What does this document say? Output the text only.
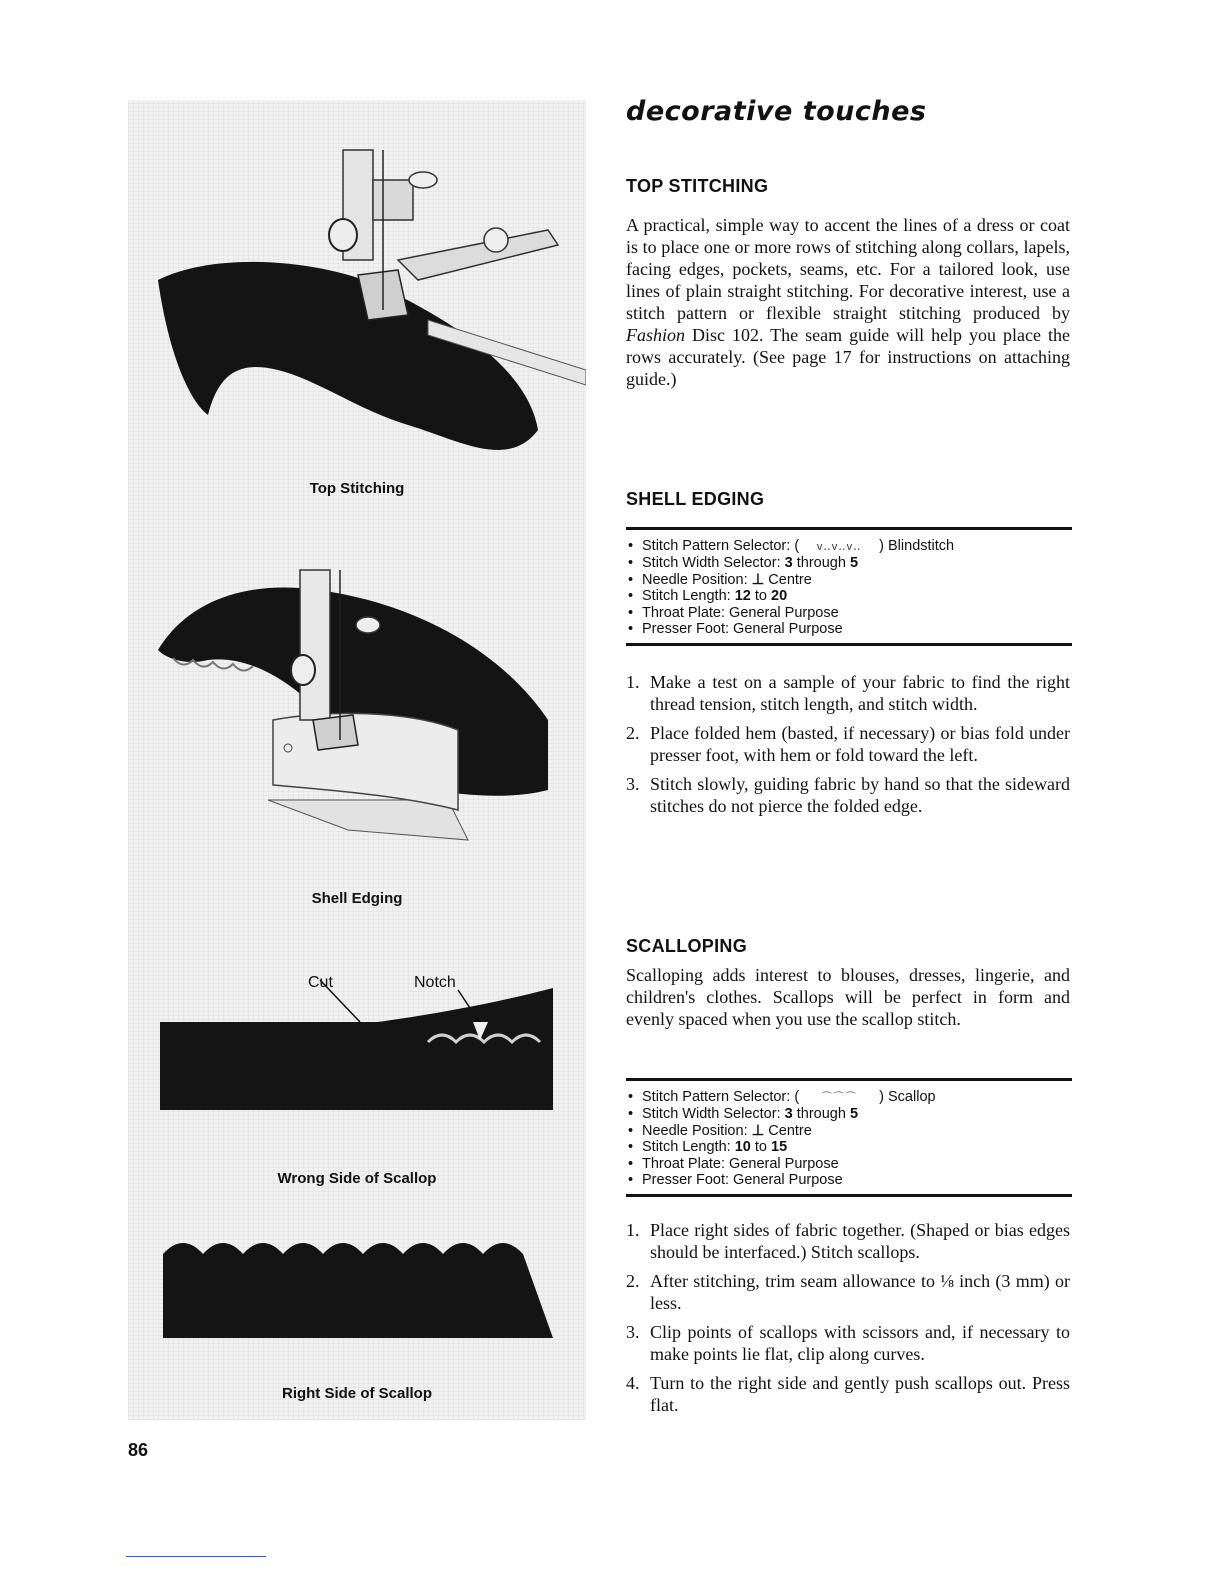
Top Stitching
Shell Edging
Cut	Notch
Wrong Side of Scallop
Right Side of Scallop
86
decorative touches
TOP STITCHING

A practical, simple way to accent the lines of a dress or coat is to place one or more rows of stitching along collars, lapels, facing edges, pockets, seams, etc. For a tailored look, use lines of plain straight stitching. For decorative interest, use a stitch pattern or flexible straight stitching produced by Fashion Disc 102. The seam guide will help you place the rows accurately. (See page 17 for instructions on attaching guide.)

SHELL EDGING
• Stitch Pattern Selector: ( v‥v‥v‥ ) Blindstitch
• Stitch Width Selector: 3 through 5
• Needle Position: ⊥ Centre
• Stitch Length: 12 to 20
• Throat Plate: General Purpose
• Presser Foot: General Purpose
1. Make a test on a sample of your fabric to find the right thread tension, stitch length, and stitch width.
2. Place folded hem (basted, if necessary) or bias fold under presser foot, with hem or fold toward the left.
3. Stitch slowly, guiding fabric by hand so that the sideward stitches do not pierce the folded edge.
SCALLOPING

Scalloping adds interest to blouses, dresses, lingerie, and children's clothes. Scallops will be perfect in form and evenly spaced when you use the scallop stitch.

• Stitch Pattern Selector: ( ⌒⌒⌒ ) Scallop
• Stitch Width Selector: 3 through 5
• Needle Position: ⊥ Centre
• Stitch Length: 10 to 15
• Throat Plate: General Purpose
• Presser Foot: General Purpose
1. Place right sides of fabric together. (Shaped or bias edges should be interfaced.) Stitch scallops.
2. After stitching, trim seam allowance to ⅛ inch (3 mm) or less.
3. Clip points of scallops with scissors and, if necessary to make points lie flat, clip along curves.
4. Turn to the right side and gently push scallops out. Press flat.
